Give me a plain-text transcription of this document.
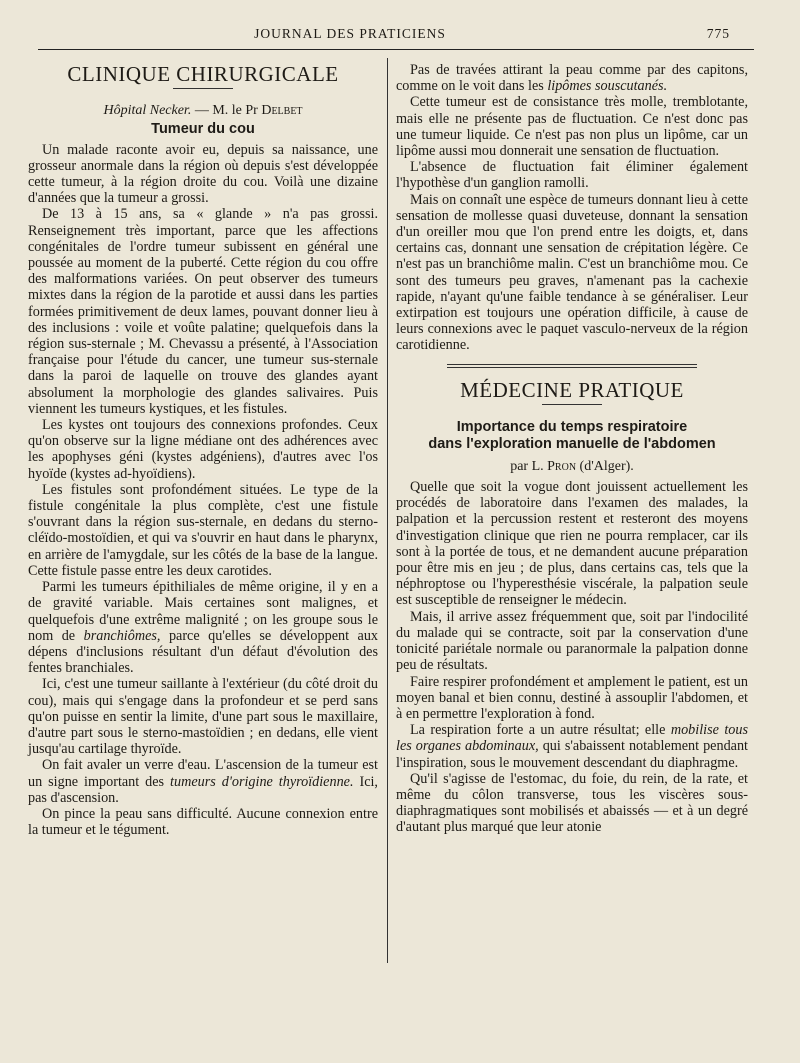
JOURNAL DES PRATICIENS	775
CLINIQUE CHIRURGICALE
Hôpital Necker. — M. le Pr Delbet
Tumeur du cou

Un malade raconte avoir eu, depuis sa naissance, une grosseur anormale dans la région où depuis s'est développée cette tumeur, à la région droite du cou. Voilà une dizaine d'années que la tumeur a grossi.

De 13 à 15 ans, sa « glande » n'a pas grossi. Renseignement très important, parce que les affections congénitales de l'ordre tumeur subissent en général une poussée au moment de la puberté. Cette région du cou offre des malformations variées. On peut observer des tumeurs mixtes dans la région de la parotide et aussi dans les parties formées primitivement de deux lames, pouvant donner lieu à des inclusions : voile et voûte palatine; quelquefois dans la région sus-sternale ; M. Chevassu a présenté, à l'Association française pour l'étude du cancer, une tumeur sus-sternale dans la paroi de laquelle on trouve des glandes ayant absolument la morphologie des glandes salivaires. Puis viennent les tumeurs kystiques, et les fistules.

Les kystes ont toujours des connexions profondes. Ceux qu'on observe sur la ligne médiane ont des adhérences avec les apophyses géni (kystes adgéniens), d'autres avec l'os hyoïde (kystes ad-hyoïdiens).

Les fistules sont profondément situées. Le type de la fistule congénitale la plus complète, c'est une fistule s'ouvrant dans la région sus-sternale, en dedans du sterno-cléïdo-mostoïdien, et qui va s'ouvrir en haut dans le pharynx, en arrière de l'amygdale, sur les côtés de la base de la langue. Cette fistule passe entre les deux carotides.

Parmi les tumeurs épithiliales de même origine, il y en a de gravité variable. Mais certaines sont malignes, et quelquefois d'une extrême malignité ; on les groupe sous le nom de branchiômes, parce qu'elles se développent aux dépens d'inclusions résultant d'un défaut d'évolution des fentes branchiales.

Ici, c'est une tumeur saillante à l'extérieur (du côté droit du cou), mais qui s'engage dans la profondeur et se perd sans qu'on puisse en sentir la limite, d'une part sous le maxillaire, d'autre part sous le sterno-mastoïdien ; en dedans, elle vient jusqu'au cartilage thyroïde.

On fait avaler un verre d'eau. L'ascension de la tumeur est un signe important des tumeurs d'origine thyroïdienne. Ici, pas d'ascension.

On pince la peau sans difficulté. Aucune connexion entre la tumeur et le tégument.

Pas de travées attirant la peau comme par des capitons, comme on le voit dans les lipômes souscutanés.

Cette tumeur est de consistance très molle, tremblotante, mais elle ne présente pas de fluctuation. Ce n'est donc pas une tumeur liquide. Ce n'est pas non plus un lipôme, car un lipôme aussi mou donnerait une sensation de fluctuation.

L'absence de fluctuation fait éliminer également l'hypothèse d'un ganglion ramolli.

Mais on connaît une espèce de tumeurs donnant lieu à cette sensation de mollesse quasi duveteuse, donnant la sensation d'un oreiller mou que l'on prend entre les doigts, et, dans certains cas, donnant une sensation de crépitation légère. Ce n'est pas un branchiôme malin. C'est un branchiôme mou. Ce sont des tumeurs peu graves, n'amenant pas la cachexie rapide, n'ayant qu'une faible tendance à se généraliser. Leur extirpation est toujours une opération difficile, à cause de leurs connexions avec le paquet vasculo-nerveux de la région carotidienne.

MÉDECINE PRATIQUE
Importance du temps respiratoire
dans l'exploration manuelle de l'abdomen
par L. Pron (d'Alger).

Quelle que soit la vogue dont jouissent actuellement les procédés de laboratoire dans l'examen des malades, la palpation et la percussion restent et resteront des moyens d'investigation clinique que rien ne pourra remplacer, car ils sont à la portée de tous, et ne demandent aucune préparation pour être mis en jeu ; de plus, dans certains cas, tels que la néphroptose ou l'hyperesthésie viscérale, la palpation seule est susceptible de renseigner le médecin.

Mais, il arrive assez fréquemment que, soit par l'indocilité du malade qui se contracte, soit par la conservation d'une tonicité pariétale normale ou paranormale la palpation donne peu de résultats.

Faire respirer profondément et amplement le patient, est un moyen banal et bien connu, destiné à assouplir l'abdomen, et à en permettre l'exploration à fond.

La respiration forte a un autre résultat; elle mobilise tous les organes abdominaux, qui s'abaissent notablement pendant l'inspiration, sous le mouvement descendant du diaphragme.

Qu'il s'agisse de l'estomac, du foie, du rein, de la rate, et même du côlon transverse, tous les viscères sous-diaphragmatiques sont mobilisés et abaissés — et à un degré d'autant plus marqué que leur atonie
